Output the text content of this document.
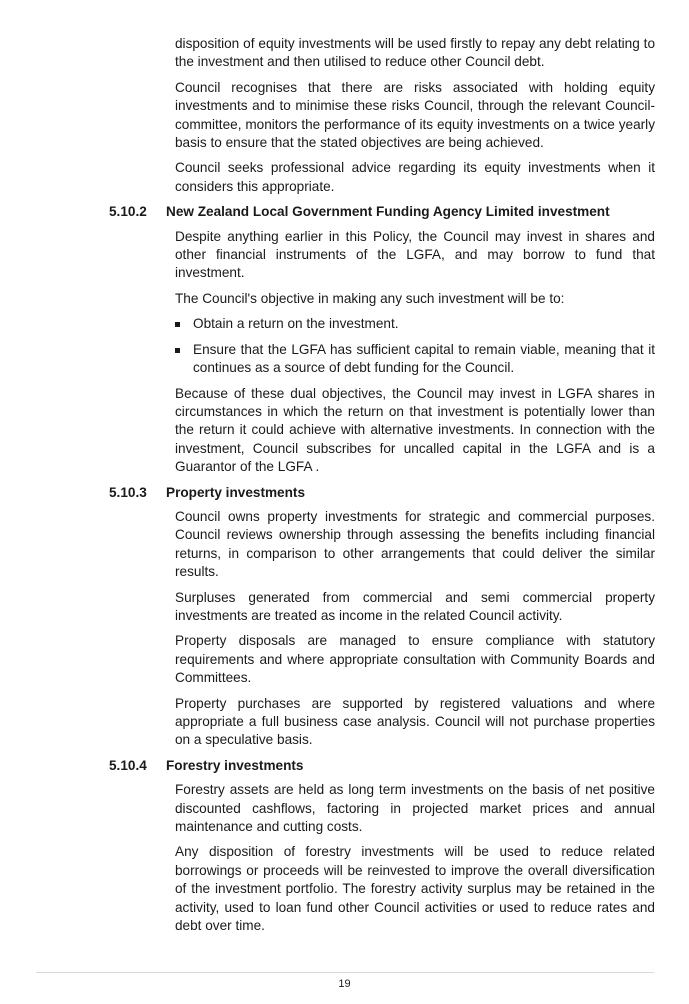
disposition of equity investments will be used firstly to repay any debt relating to the investment and then utilised to reduce other Council debt.

Council recognises that there are risks associated with holding equity investments and to minimise these risks Council, through the relevant Council-committee, monitors the performance of its equity investments on a twice yearly basis to ensure that the stated objectives are being achieved.

Council seeks professional advice regarding its equity investments when it considers this appropriate.

5.10.2	New Zealand Local Government Funding Agency Limited investment

Despite anything earlier in this Policy, the Council may invest in shares and other financial instruments of the LGFA, and may borrow to fund that investment.

The Council's objective in making any such investment will be to:

Obtain a return on the investment.
Ensure that the LGFA has sufficient capital to remain viable, meaning that it continues as a source of debt funding for the Council.

Because of these dual objectives, the Council may invest in LGFA shares in circumstances in which the return on that investment is potentially lower than the return it could achieve with alternative investments. In connection with the investment, Council subscribes for uncalled capital in the LGFA and is a Guarantor of the LGFA .

5.10.3	Property investments

Council owns property investments for strategic and commercial purposes. Council reviews ownership through assessing the benefits including financial returns, in comparison to other arrangements that could deliver the similar results.

Surpluses generated from commercial and semi commercial property investments are treated as income in the related Council activity.

Property disposals are managed to ensure compliance with statutory requirements and where appropriate consultation with Community Boards and Committees.

Property purchases are supported by registered valuations and where appropriate a full business case analysis. Council will not purchase properties on a speculative basis.

5.10.4	Forestry investments

Forestry assets are held as long term investments on the basis of net positive discounted cashflows, factoring in projected market prices and annual maintenance and cutting costs.

Any disposition of forestry investments will be used to reduce related borrowings or proceeds will be reinvested to improve the overall diversification of the investment portfolio. The forestry activity surplus may be retained in the activity, used to loan fund other Council activities or used to reduce rates and debt over time.

19
